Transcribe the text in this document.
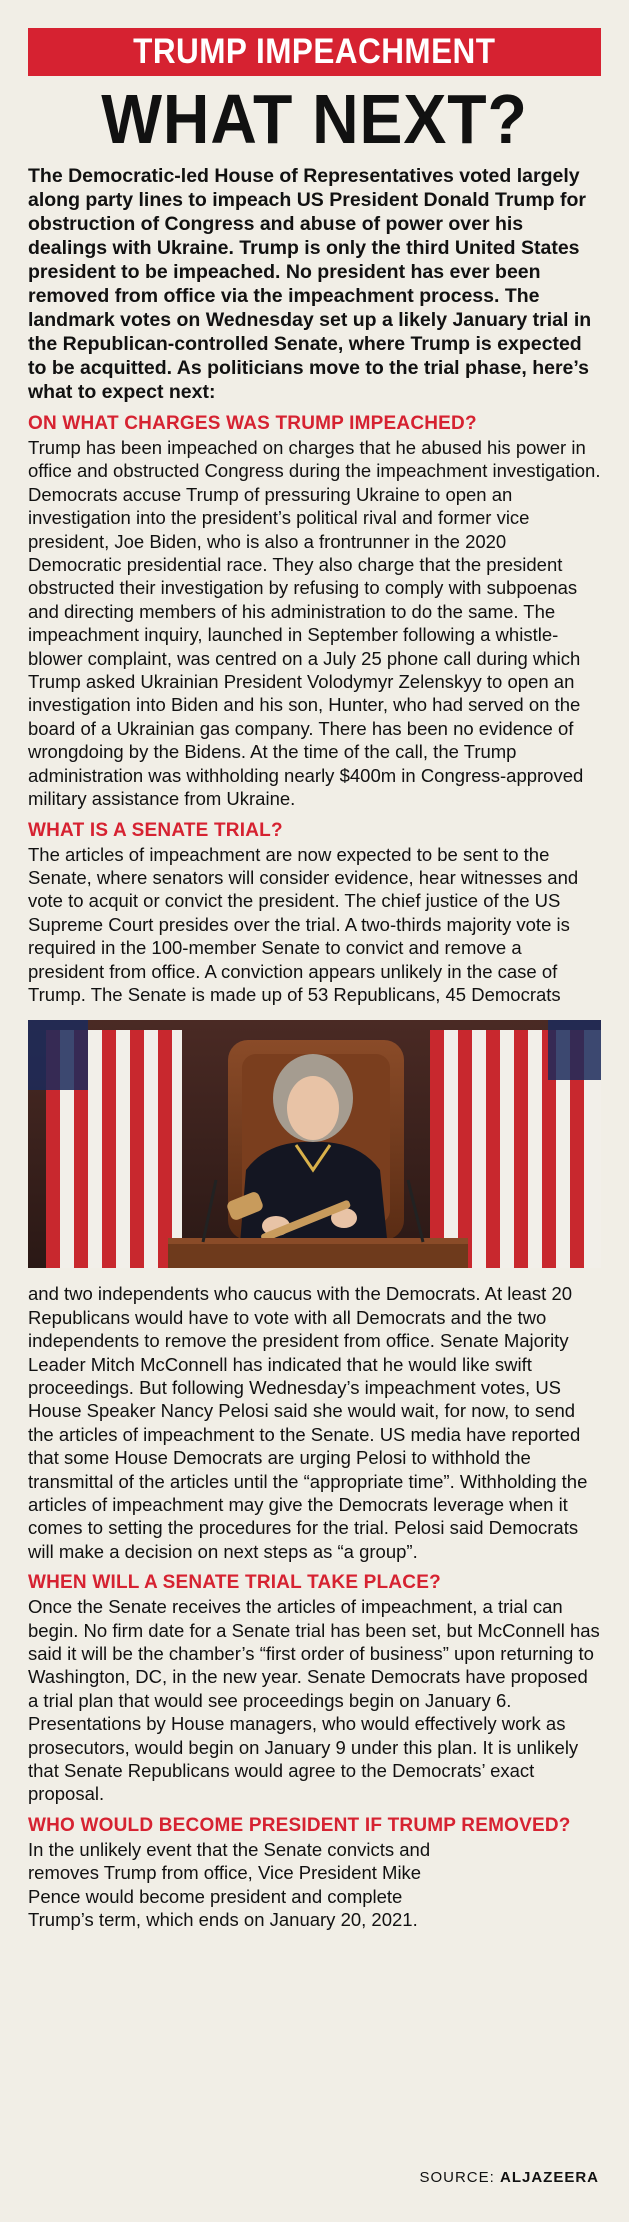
TRUMP IMPEACHMENT
WHAT NEXT?

The Democratic-led House of Representatives voted largely along party lines to impeach US President Donald Trump for obstruction of Congress and abuse of power over his dealings with Ukraine. Trump is only the third United States president to be impeached. No president has ever been removed from office via the impeachment process. The landmark votes on Wednesday set up a likely January trial in the Republican-controlled Senate, where Trump is expected to be acquitted. As politicians move to the trial phase, here’s what to expect next:

ON WHAT CHARGES WAS TRUMP IMPEACHED?

Trump has been impeached on charges that he abused his power in office and obstructed Congress during the impeachment investigation. Democrats accuse Trump of pressuring Ukraine to open an investigation into the president’s political rival and former vice president, Joe Biden, who is also a frontrunner in the 2020 Democratic presidential race. They also charge that the president obstructed their investigation by refusing to comply with subpoenas and directing members of his administration to do the same. The impeachment inquiry, launched in September following a whistle-blower complaint, was centred on a July 25 phone call during which Trump asked Ukrainian President Volodymyr Zelenskyy to open an investigation into Biden and his son, Hunter, who had served on the board of a Ukrainian gas company. There has been no evidence of wrongdoing by the Bidens. At the time of the call, the Trump administration was withholding nearly $400m in Congress-approved military assistance from Ukraine.

WHAT IS A SENATE TRIAL?

The articles of impeachment are now expected to be sent to the Senate, where senators will consider evidence, hear witnesses and vote to acquit or convict the president. The chief justice of the US Supreme Court presides over the trial. A two-thirds majority vote is required in the 100-member Senate to convict and remove a president from office. A conviction appears unlikely in the case of Trump. The Senate is made up of 53 Republicans, 45 Democrats

and two independents who caucus with the Democrats. At least 20 Republicans would have to vote with all Democrats and the two independents to remove the president from office. Senate Majority Leader Mitch McConnell has indicated that he would like swift proceedings. But following Wednesday’s impeachment votes, US House Speaker Nancy Pelosi said she would wait, for now, to send the articles of impeachment to the Senate. US media have reported that some House Democrats are urging Pelosi to withhold the transmittal of the articles until the “appropriate time”. Withholding the articles of impeachment may give the Democrats leverage when it comes to setting the procedures for the trial. Pelosi said Democrats will make a decision on next steps as “a group”.

WHEN WILL A SENATE TRIAL TAKE PLACE?

Once the Senate receives the articles of impeachment, a trial can begin. No firm date for a Senate trial has been set, but McConnell has said it will be the chamber’s “first order of business” upon returning to Washington, DC, in the new year. Senate Democrats have proposed a trial plan that would see proceedings begin on January 6. Presentations by House managers, who would effectively work as prosecutors, would begin on January 9 under this plan. It is unlikely that Senate Republicans would agree to the Democrats’ exact proposal.

WHO WOULD BECOME PRESIDENT IF TRUMP REMOVED?

In the unlikely event that the Senate convicts and removes Trump from office, Vice President Mike Pence would become president and complete Trump’s term, which ends on January 20, 2021.

SOURCE: ALJAZEERA
